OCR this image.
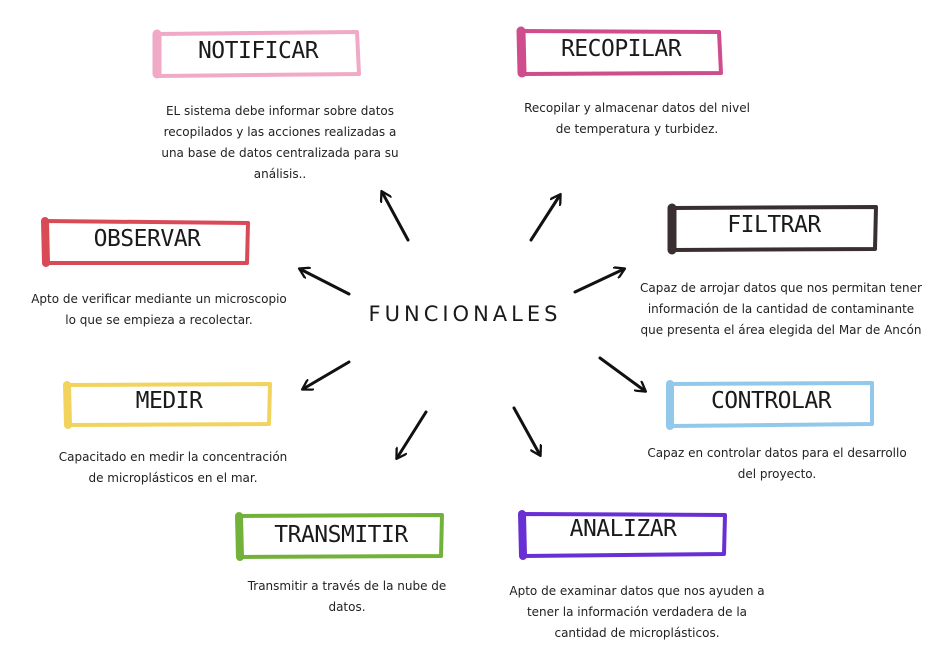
FUNCIONALES
NOTIFICAR
EL sistema debe informar sobre datos recopilados y las acciones realizadas a una base de datos centralizada para su análisis..
RECOPILAR
Recopilar y almacenar datos del nivel de temperatura y turbidez.
OBSERVAR
Apto de verificar mediante un microscopio lo que se empieza a recolectar.
FILTRAR
Capaz de arrojar datos que nos permitan tener información de la cantidad de contaminante que presenta el área elegida del Mar de Ancón
MEDIR
Capacitado en medir la concentración de microplásticos en el mar.
CONTROLAR
Capaz en controlar datos para el desarrollo del proyecto.
TRANSMITIR
Transmitir a través de la nube de datos.
ANALIZAR
Apto de examinar datos que nos ayuden a tener la información verdadera de la cantidad de microplásticos.
